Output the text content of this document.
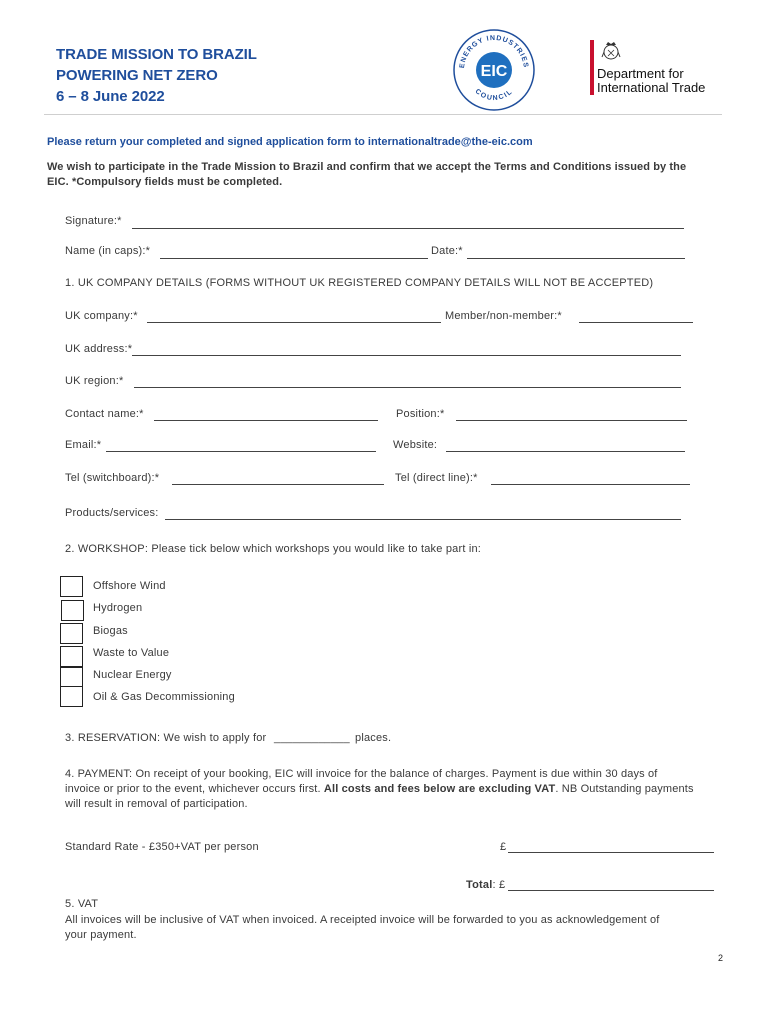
TRADE MISSION TO BRAZIL
POWERING NET ZERO
6 – 8 June 2022
EIC
ENERGY INDUSTRIES
COUNCIL
Department for
International Trade
Please return your completed and signed application form to internationaltrade@the-eic.com
We wish to participate in the Trade Mission to Brazil and confirm that we accept the Terms and Conditions issued by the
EIC. *Compulsory fields must be completed.
Signature:*
Name (in caps):*	Date:*
1. UK COMPANY DETAILS (FORMS WITHOUT UK REGISTERED COMPANY DETAILS WILL NOT BE ACCEPTED)
UK company:*	Member/non-member:*
UK address:*
UK region:*
Contact name:*	Position:*
Email:*	Website:
Tel (switchboard):*	Tel (direct line):*
Products/services:
2. WORKSHOP: Please tick below which workshops you would like to take part in:
Offshore Wind
Hydrogen
Biogas
Waste to Value
Nuclear Energy
Oil & Gas Decommissioning
3. RESERVATION: We wish to apply for ____________ places.
4. PAYMENT: On receipt of your booking, EIC will invoice for the balance of charges. Payment is due within 30 days of
invoice or prior to the event, whichever occurs first. All costs and fees below are excluding VAT. NB Outstanding payments
will result in removal of participation.
Standard Rate - £350+VAT per person	£
Total: £
5. VAT
All invoices will be inclusive of VAT when invoiced. A receipted invoice will be forwarded to you as acknowledgement of
your payment.
2
